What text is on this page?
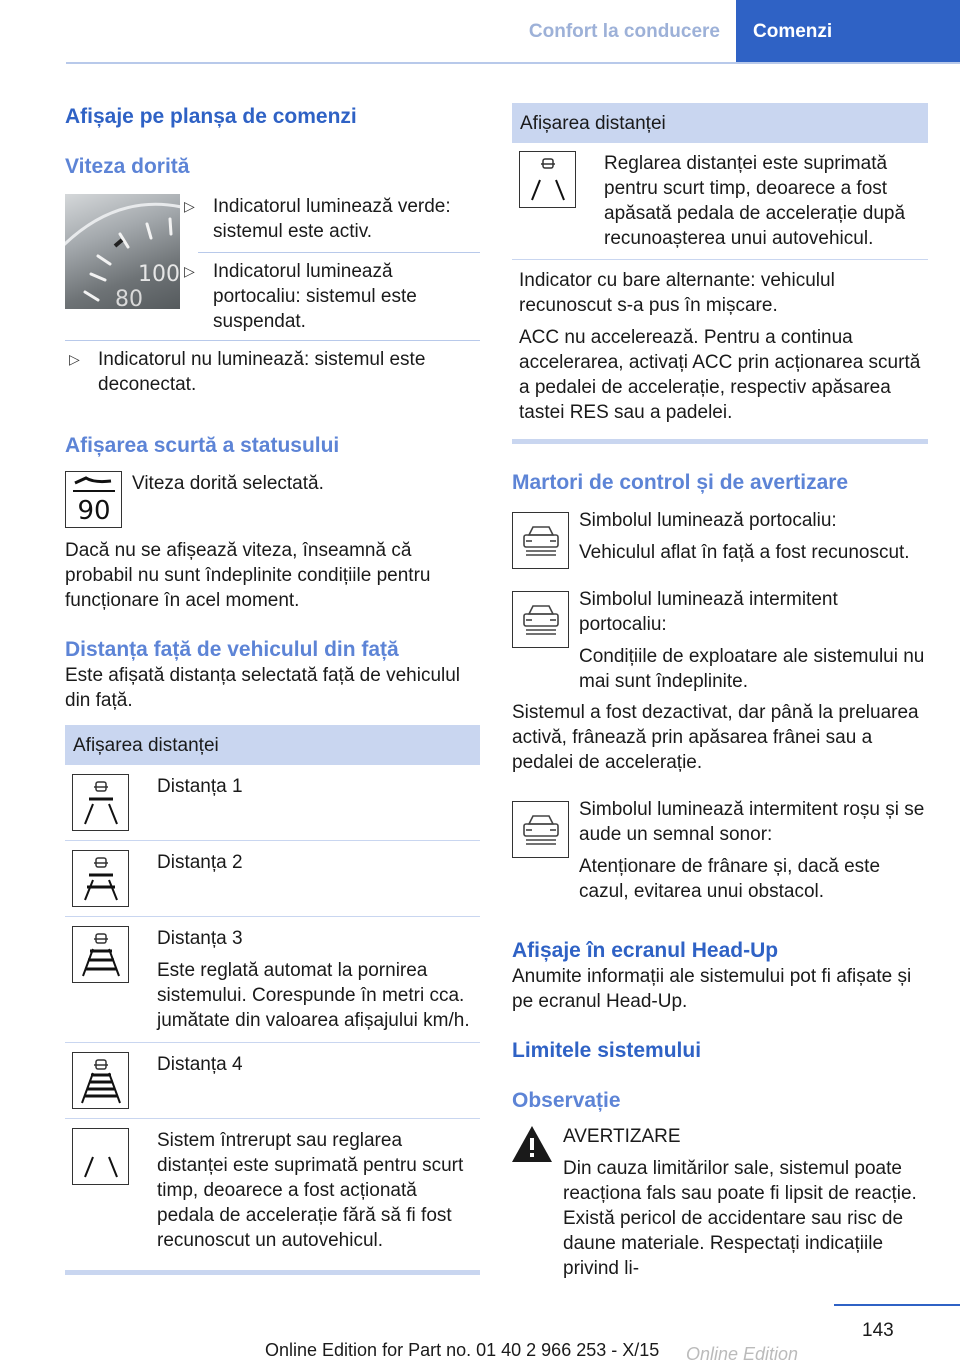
Confort la conducere	Comenzi
Afișaje pe planșa de comenzi
Viteza dorită
100
80
▷ Indicatorul luminează verde: sistemul este activ.
▷ Indicatorul luminează portocaliu: sistemul este suspendat.
▷ Indicatorul nu luminează: sistemul este deconectat.
Afișarea scurtă a statusului
90
Viteza dorită selectată.

Dacă nu se afișează viteza, înseamnă că probabil nu sunt îndeplinite condițiile pentru funcționare în acel moment.

Distanța față de vehiculul din față

Este afișată distanța selectată față de vehiculul din față.

Afișarea distanței
Distanța 1
Distanța 2
Distanța 3
Este reglată automat la pornirea sistemului. Corespunde în metri cca. jumătate din valoarea afișajului km/h.
Distanța 4
Sistem întrerupt sau reglarea distanței este suprimată pentru scurt timp, deoarece a fost acționată pedala de accelerație fără să fi fost recunoscut un autovehicul.
Afișarea distanței
Reglarea distanței este suprimată pentru scurt timp, deoarece a fost apăsată pedala de accelerație după recunoașterea unui autovehicul.
Indicator cu bare alternante: vehiculul recunoscut s-a pus în mișcare.
ACC nu accelerează. Pentru a continua accelerarea, activați ACC prin acționarea scurtă a pedalei de accelerație, respectiv apăsarea tastei RES sau a padelei.
Martori de control și de avertizare
Simbolul luminează portocaliu:
Vehiculul aflat în față a fost recunoscut.
Simbolul luminează intermitent portocaliu:
Condițiile de exploatare ale sistemului nu mai sunt îndeplinite.

Sistemul a fost dezactivat, dar până la preluarea activă, frânează prin apăsarea frânei sau a pedalei de accelerație.

Simbolul luminează intermitent roșu și se aude un semnal sonor:
Atenționare de frânare și, dacă este cazul, evitarea unui obstacol.
Afișaje în ecranul Head-Up

Anumite informații ale sistemului pot fi afișate și pe ecranul Head-Up.

Limitele sistemului
Observație
AVERTIZARE
Din cauza limitărilor sale, sistemul poate reacționa fals sau poate fi lipsit de reacție. Există pericol de accidentare sau risc de daune materiale. Respectați indicațiile privind li-
143
Online Edition for Part no. 01 40 2 966 253 - X/15 Online Edition
